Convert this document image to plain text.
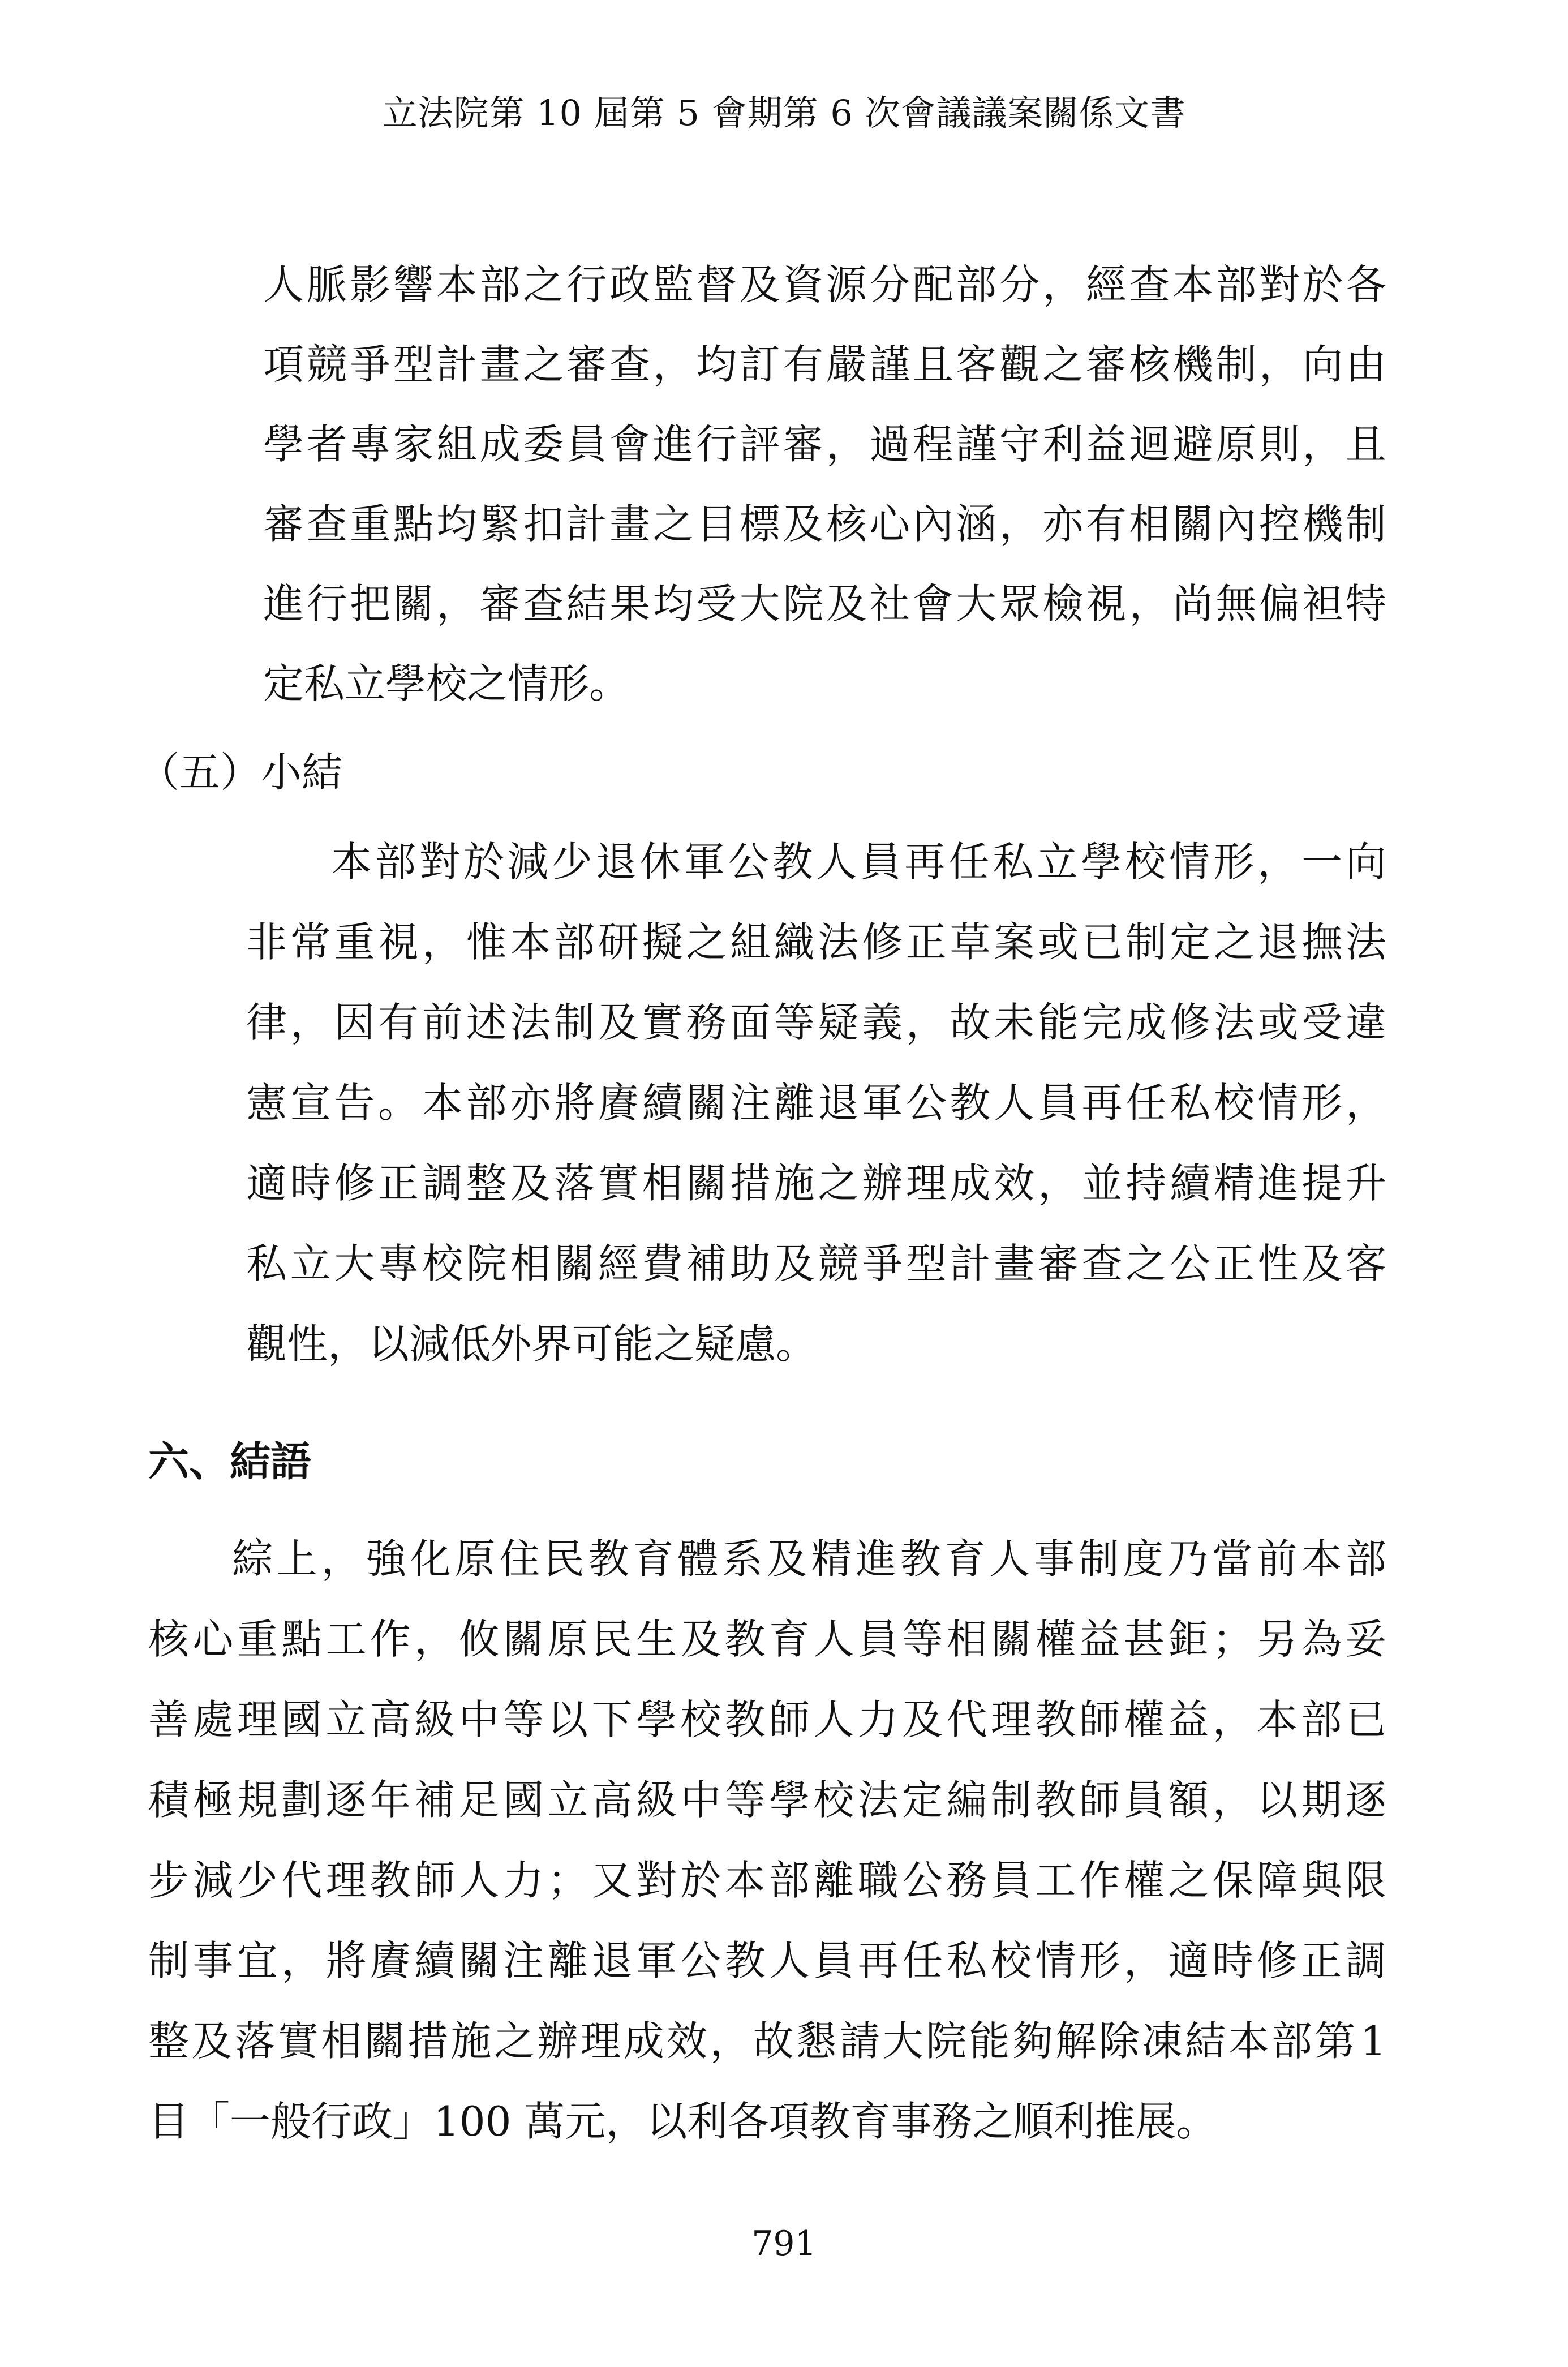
立法院第 10 屆第 5 會期第 6 次會議議案關係文書
人 脈 影 響 本 部 之 行 政 監 督 及 資 源 分 配 部 分 ， 經 查 本 部 對 於 各
項 競 爭 型 計 畫 之 審 查 ， 均 訂 有 嚴 謹 且 客 觀 之 審 核 機 制 ， 向 由
學 者 專 家 組 成 委 員 會 進 行 評 審 ， 過 程 謹 守 利 益 迴 避 原 則 ， 且
審 查 重 點 均 緊 扣 計 畫 之 目 標 及 核 心 內 涵 ， 亦 有 相 關 內 控 機 制
進 行 把 關 ， 審 查 結 果 均 受 大 院 及 社 會 大 眾 檢 視 ， 尚 無 偏 袒 特
定私立學校之情形。
（五）小結
本 部 對 於 減 少 退 休 軍 公 教 人 員 再 任 私 立 學 校 情 形 ， 一 向
非 常 重 視 ， 惟 本 部 研 擬 之 組 織 法 修 正 草 案 或 已 制 定 之 退 撫 法
律 ， 因 有 前 述 法 制 及 實 務 面 等 疑 義 ， 故 未 能 完 成 修 法 或 受 違
憲 宣 告 。 本 部 亦 將 賡 續 關 注 離 退 軍 公 教 人 員 再 任 私 校 情 形 ，
適 時 修 正 調 整 及 落 實 相 關 措 施 之 辦 理 成 效 ， 並 持 續 精 進 提 升
私 立 大 專 校 院 相 關 經 費 補 助 及 競 爭 型 計 畫 審 查 之 公 正 性 及 客
觀性，以減低外界可能之疑慮。
六、結語
綜 上 ， 強 化 原 住 民 教 育 體 系 及 精 進 教 育 人 事 制 度 乃 當 前 本 部
核 心 重 點 工 作 ， 攸 關 原 民 生 及 教 育 人 員 等 相 關 權 益 甚 鉅 ； 另 為 妥
善 處 理 國 立 高 級 中 等 以 下 學 校 教 師 人 力 及 代 理 教 師 權 益 ， 本 部 已
積 極 規 劃 逐 年 補 足 國 立 高 級 中 等 學 校 法 定 編 制 教 師 員 額 ， 以 期 逐
步 減 少 代 理 教 師 人 力 ； 又 對 於 本 部 離 職 公 務 員 工 作 權 之 保 障 與 限
制 事 宜 ， 將 賡 續 關 注 離 退 軍 公 教 人 員 再 任 私 校 情 形 ， 適 時 修 正 調
整 及 落 實 相 關 措 施 之 辦 理 成 效 ， 故 懇 請 大 院 能 夠 解 除 凍 結 本 部 第 1
目「一般行政」100 萬元，以利各項教育事務之順利推展。
791
